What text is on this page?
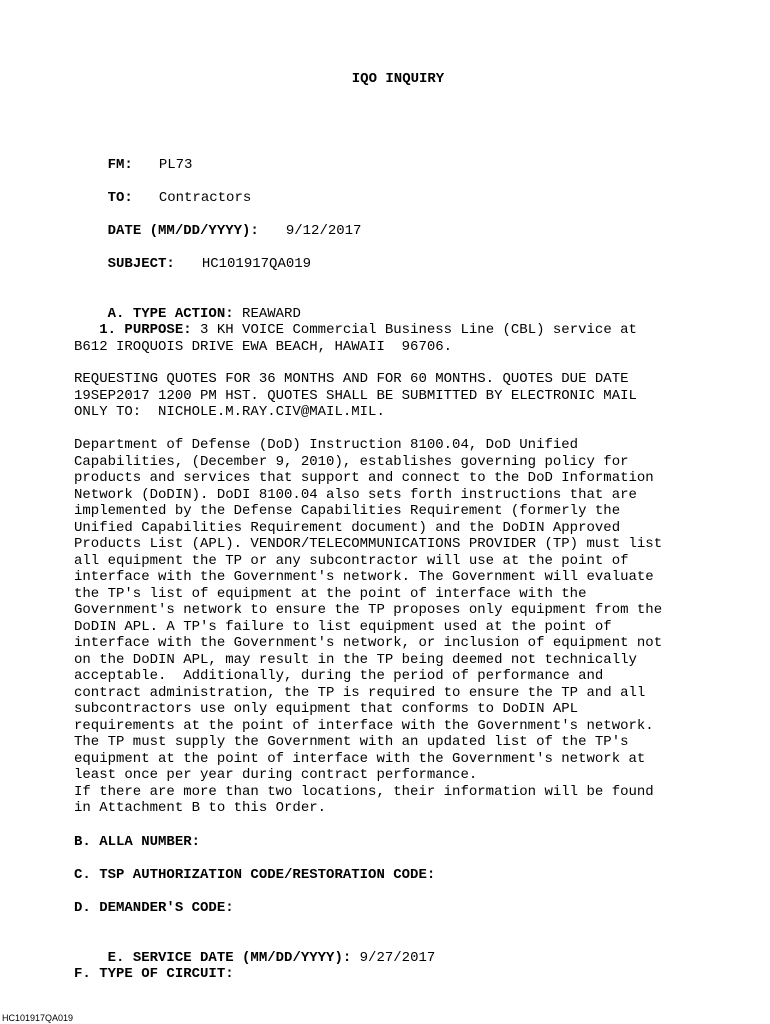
IQO INQUIRY

FM: PL73

TO: Contractors

DATE (MM/DD/YYYY): 9/12/2017

SUBJECT: HC101917QA019

A. TYPE ACTION: REAWARD

1. PURPOSE: 3 KH VOICE Commercial Business Line (CBL) service at
B612 IROQUOIS DRIVE EWA BEACH, HAWAII  96706.
REQUESTING QUOTES FOR 36 MONTHS AND FOR 60 MONTHS. QUOTES DUE DATE
19SEP2017 1200 PM HST. QUOTES SHALL BE SUBMITTED BY ELECTRONIC MAIL
ONLY TO:  NICHOLE.M.RAY.CIV@MAIL.MIL.
Department of Defense (DoD) Instruction 8100.04, DoD Unified
Capabilities, (December 9, 2010), establishes governing policy for
products and services that support and connect to the DoD Information
Network (DoDIN). DoDI 8100.04 also sets forth instructions that are
implemented by the Defense Capabilities Requirement (formerly the
Unified Capabilities Requirement document) and the DoDIN Approved
Products List (APL). VENDOR/TELECOMMUNICATIONS PROVIDER (TP) must list
all equipment the TP or any subcontractor will use at the point of
interface with the Government's network. The Government will evaluate
the TP's list of equipment at the point of interface with the
Government's network to ensure the TP proposes only equipment from the
DoDIN APL. A TP's failure to list equipment used at the point of
interface with the Government's network, or inclusion of equipment not
on the DoDIN APL, may result in the TP being deemed not technically
acceptable.  Additionally, during the period of performance and
contract administration, the TP is required to ensure the TP and all
subcontractors use only equipment that conforms to DoDIN APL
requirements at the point of interface with the Government's network.
The TP must supply the Government with an updated list of the TP's
equipment at the point of interface with the Government's network at
least once per year during contract performance.
If there are more than two locations, their information will be found
in Attachment B to this Order.
B. ALLA NUMBER:
C. TSP AUTHORIZATION CODE/RESTORATION CODE:
D. DEMANDER'S CODE:

E. SERVICE DATE (MM/DD/YYYY): 9/27/2017

F. TYPE OF CIRCUIT:
HC101917QA019
